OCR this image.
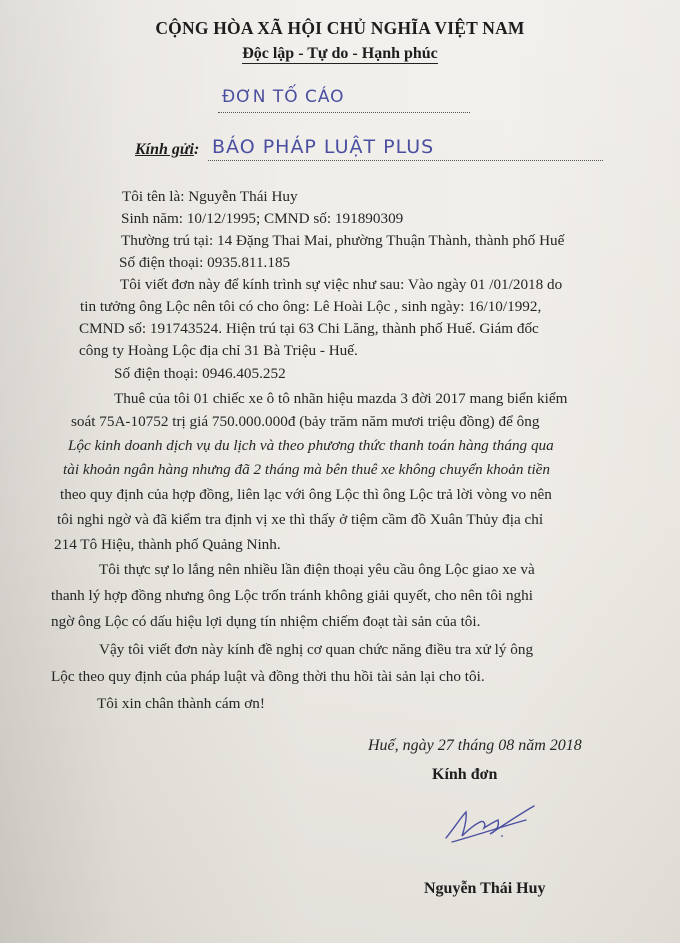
CỘNG HÒA XÃ HỘI CHỦ NGHĨA VIỆT NAM
Độc lập - Tự do - Hạnh phúc
ĐƠN TỐ CÁO
Kính gửi: BÁO PHÁP LUẬT PLUS
Tôi tên là: Nguyễn Thái Huy
Sinh năm: 10/12/1995; CMND số: 191890309
Thường trú tại: 14 Đặng Thai Mai, phường Thuận Thành, thành phố Huế
Số điện thoại: 0935.811.185
Tôi viết đơn này để kính trình sự việc như sau: Vào ngày 01 /01/2018 do
tin tưởng ông Lộc nên tôi có cho ông: Lê Hoài Lộc , sinh ngày: 16/10/1992,
CMND số: 191743524. Hiện trú tại 63 Chi Lăng, thành phố Huế. Giám đốc
công ty Hoàng Lộc địa chỉ 31 Bà Triệu - Huế.
Số điện thoại: 0946.405.252
Thuê của tôi 01 chiếc xe ô tô nhãn hiệu mazda 3 đời 2017 mang biển kiểm
soát 75A-10752 trị giá 750.000.000đ (bảy trăm năm mươi triệu đồng) để ông
Lộc kinh doanh dịch vụ du lịch và theo phương thức thanh toán hàng tháng qua
tài khoản ngân hàng nhưng đã 2 tháng mà bên thuê xe không chuyển khoản tiền
theo quy định của hợp đồng, liên lạc với ông Lộc thì ông Lộc trả lời vòng vo nên
tôi nghi ngờ và đã kiểm tra định vị xe thì thấy ở tiệm cầm đồ Xuân Thủy địa chỉ
214 Tô Hiệu, thành phố Quảng Ninh.
Tôi thực sự lo lắng nên nhiều lần điện thoại yêu cầu ông Lộc giao xe và
thanh lý hợp đồng nhưng ông Lộc trốn tránh không giải quyết, cho nên tôi nghi
ngờ ông Lộc có dấu hiệu lợi dụng tín nhiệm chiếm đoạt tài sản của tôi.
Vậy tôi viết đơn này kính đề nghị cơ quan chức năng điều tra xử lý ông
Lộc theo quy định của pháp luật và đồng thời thu hồi tài sản lại cho tôi.
Tôi xin chân thành cám ơn!
Huế, ngày 27 tháng 08 năm 2018
Kính đơn
Nguyễn Thái Huy
